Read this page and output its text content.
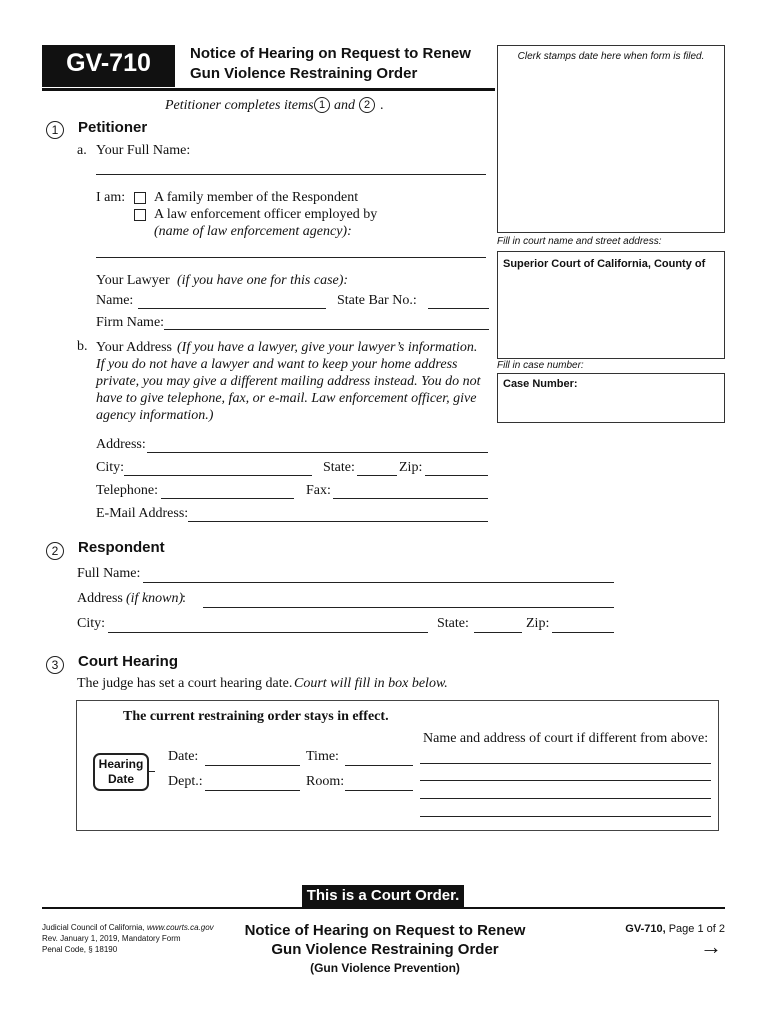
GV-710	Notice of Hearing on Request to Renew
Gun Violence Restraining Order
Clerk stamps date here when form is filed.
Petitioner completes items 1 and 2 .
1	Petitioner
a. Your Full Name:
I am: A family member of the Respondent
A law enforcement officer employed by
(name of law enforcement agency):
Your Lawyer (if you have one for this case):
Name:	State Bar No.:
Firm Name:
b. Your Address (If you have a lawyer, give your lawyer’s information.
If you do not have a lawyer and want to keep your home address
private, you may give a different mailing address instead. You do not
have to give telephone, fax, or e-mail. Law enforcement officer, give
agency information.)
Address:
City:	State:	Zip:
Telephone:	Fax:
E-Mail Address:
Fill in court name and street address:
Superior Court of California, County of
Fill in case number:
Case Number:
2	Respondent
Full Name:
Address (if known)
:
City:	State:	Zip:
3	Court Hearing
The judge has set a court hearing date. Court will fill in box below.
The current restraining order stays in effect.
Hearing
Date
Date:	Time:
Dept.:	Room:
Name and address of court if different from above:
This is a Court Order.
Judicial Council of California, www.courts.ca.gov
Rev. January 1, 2019, Mandatory Form
Penal Code, § 18190
Notice of Hearing on Request to Renew
Gun Violence Restraining Order
(Gun Violence Prevention)
GV-710, Page 1 of 2
→
